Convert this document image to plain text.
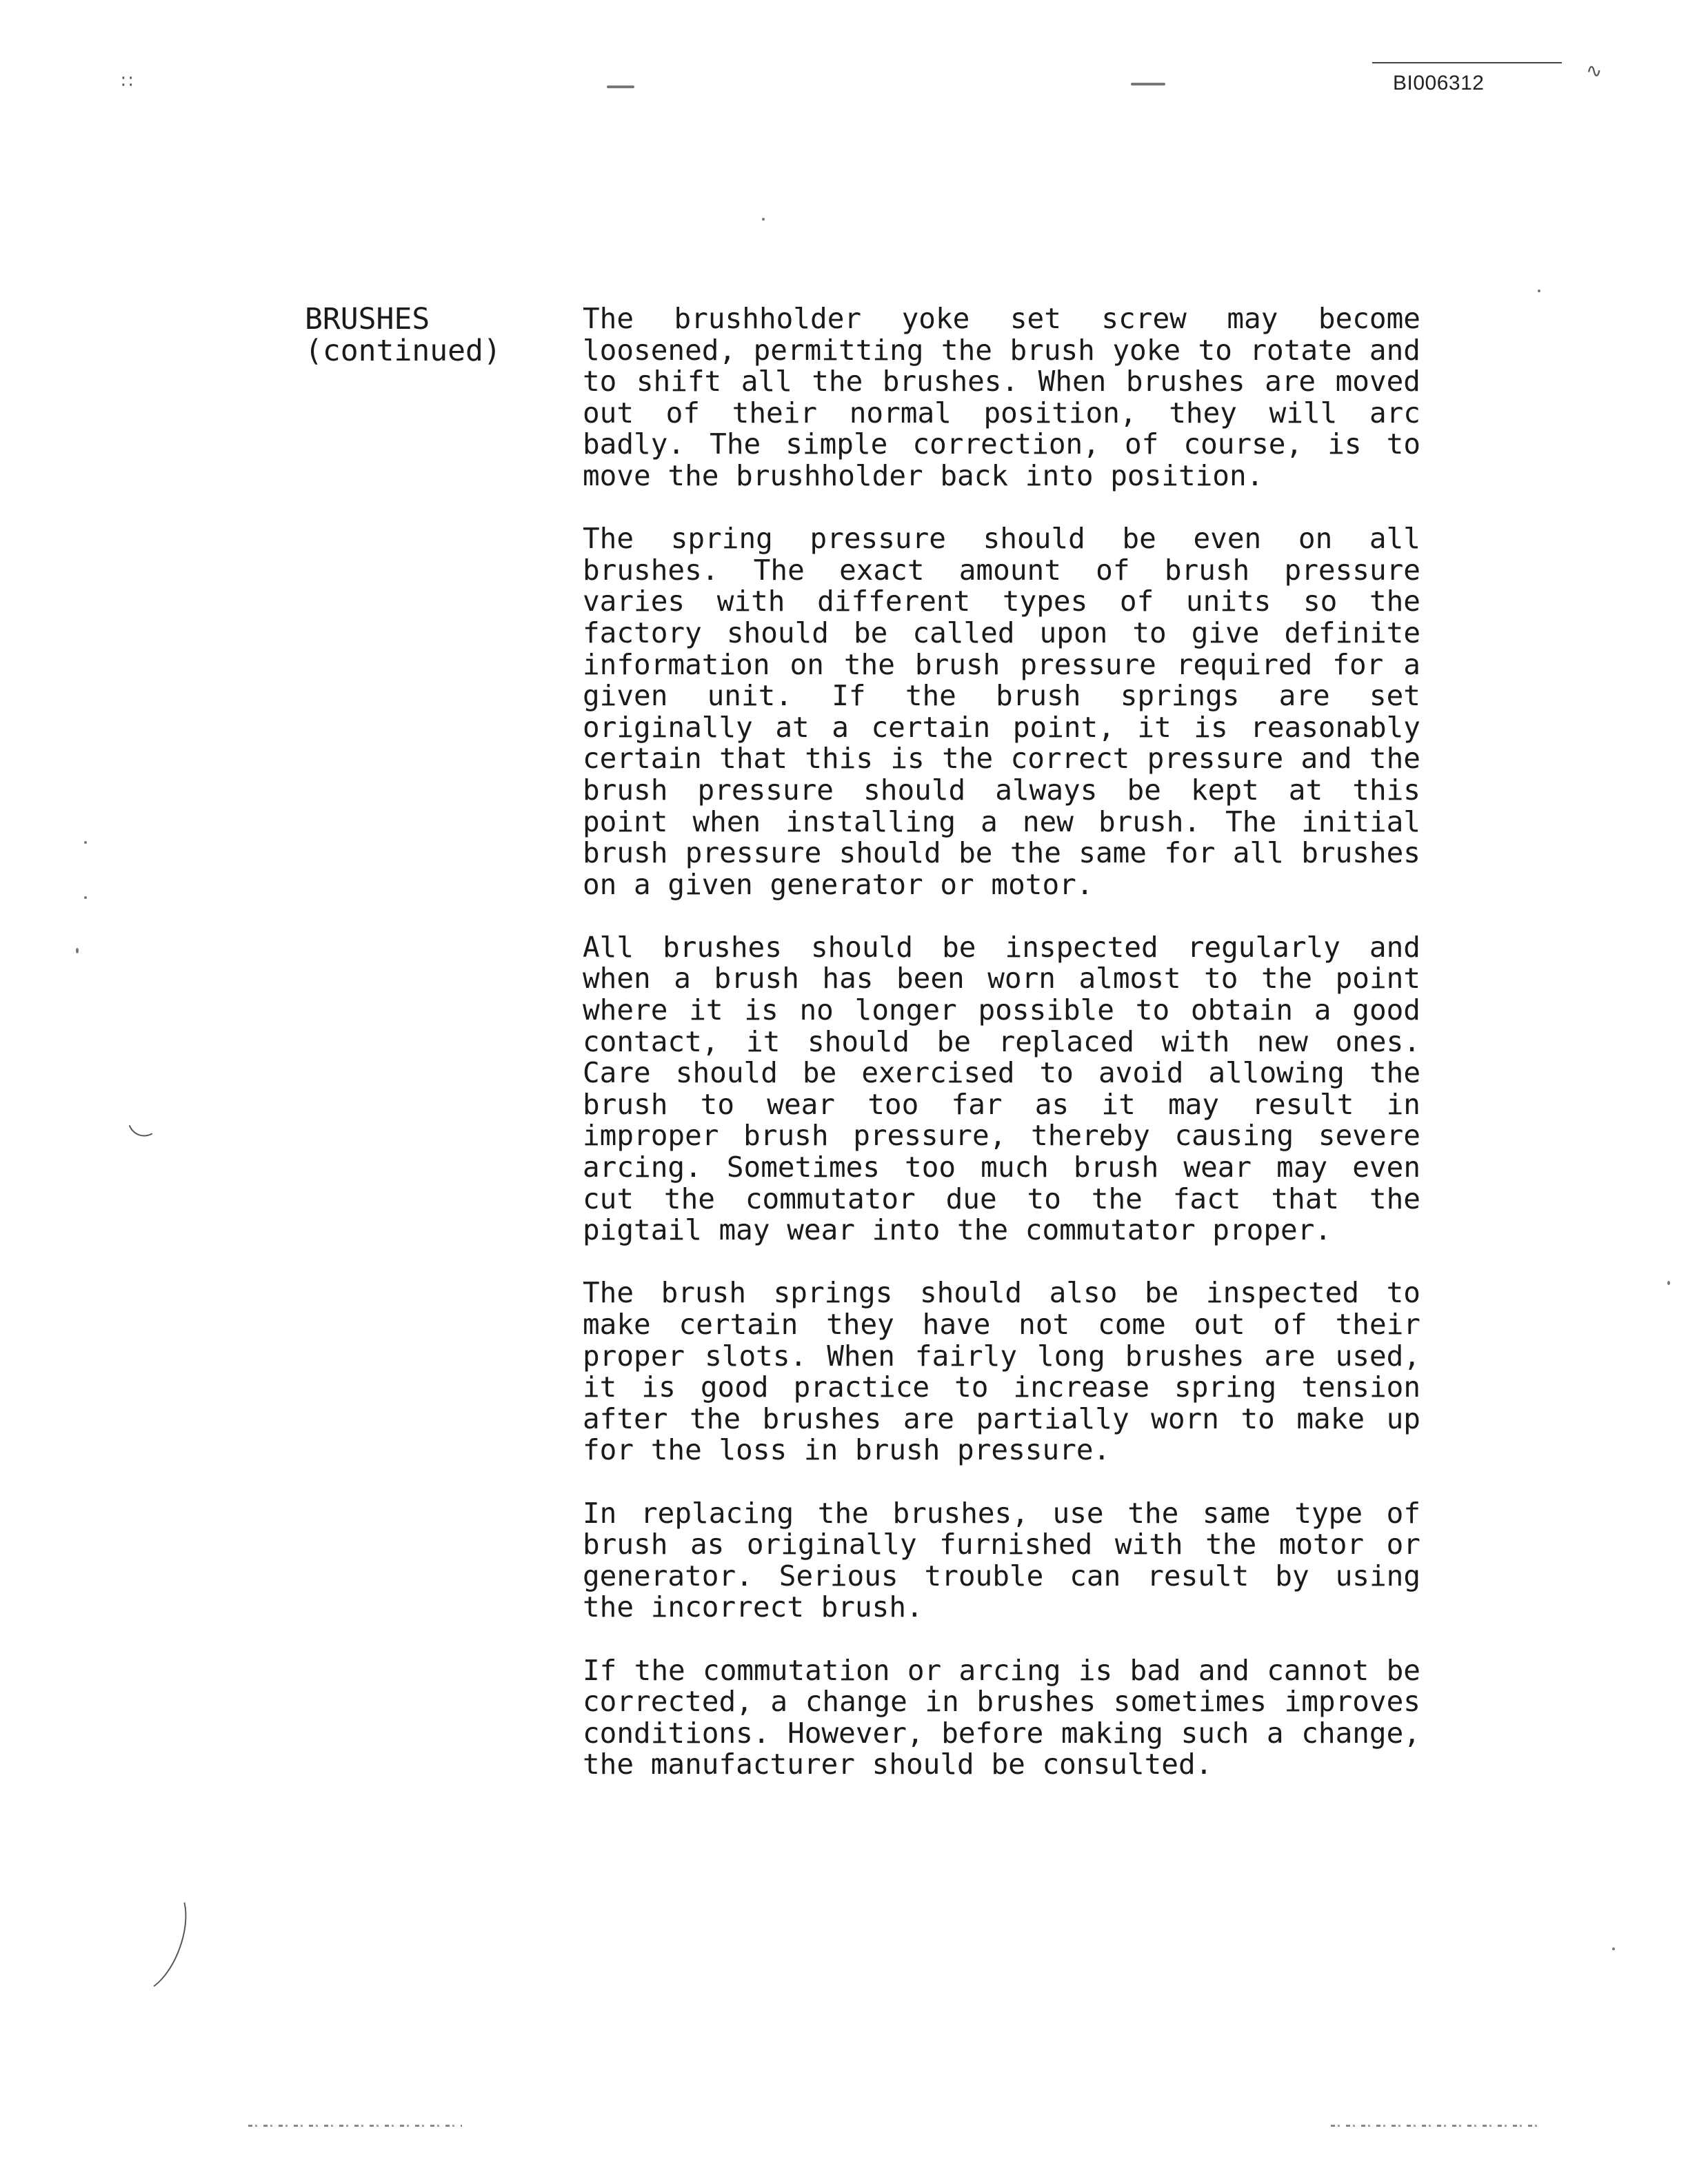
∷	∿
BI006312
BRUSHES
(continued)

The brushholder yoke set screw may become loosened, permitting the brush yoke to rotate and to shift all the brushes. When brushes are moved out of their normal position, they will arc badly. The simple correction, of course, is to move the brushholder back into position.

The spring pressure should be even on all brushes. The exact amount of brush pressure varies with different types of units so the factory should be called upon to give definite information on the brush pressure required for a given unit. If the brush springs are set originally at a certain point, it is reasonably certain that this is the correct pressure and the brush pressure should always be kept at this point when installing a new brush. The initial brush pressure should be the same for all brushes on a given generator or motor.

All brushes should be inspected regularly and when a brush has been worn almost to the point where it is no longer possible to obtain a good contact, it should be replaced with new ones. Care should be exercised to avoid allowing the brush to wear too far as it may result in improper brush pressure, thereby causing severe arcing. Sometimes too much brush wear may even cut the commutator due to the fact that the pigtail may wear into the commutator proper.

The brush springs should also be inspected to make certain they have not come out of their proper slots. When fairly long brushes are used, it is good practice to increase spring tension after the brushes are partially worn to make up for the loss in brush pressure.

In replacing the brushes, use the same type of brush as originally furnished with the motor or generator. Serious trouble can result by using the incorrect brush.

If the commutation or arcing is bad and cannot be corrected, a change in brushes sometimes improves conditions. However, before making such a change, the manufacturer should be consulted.
